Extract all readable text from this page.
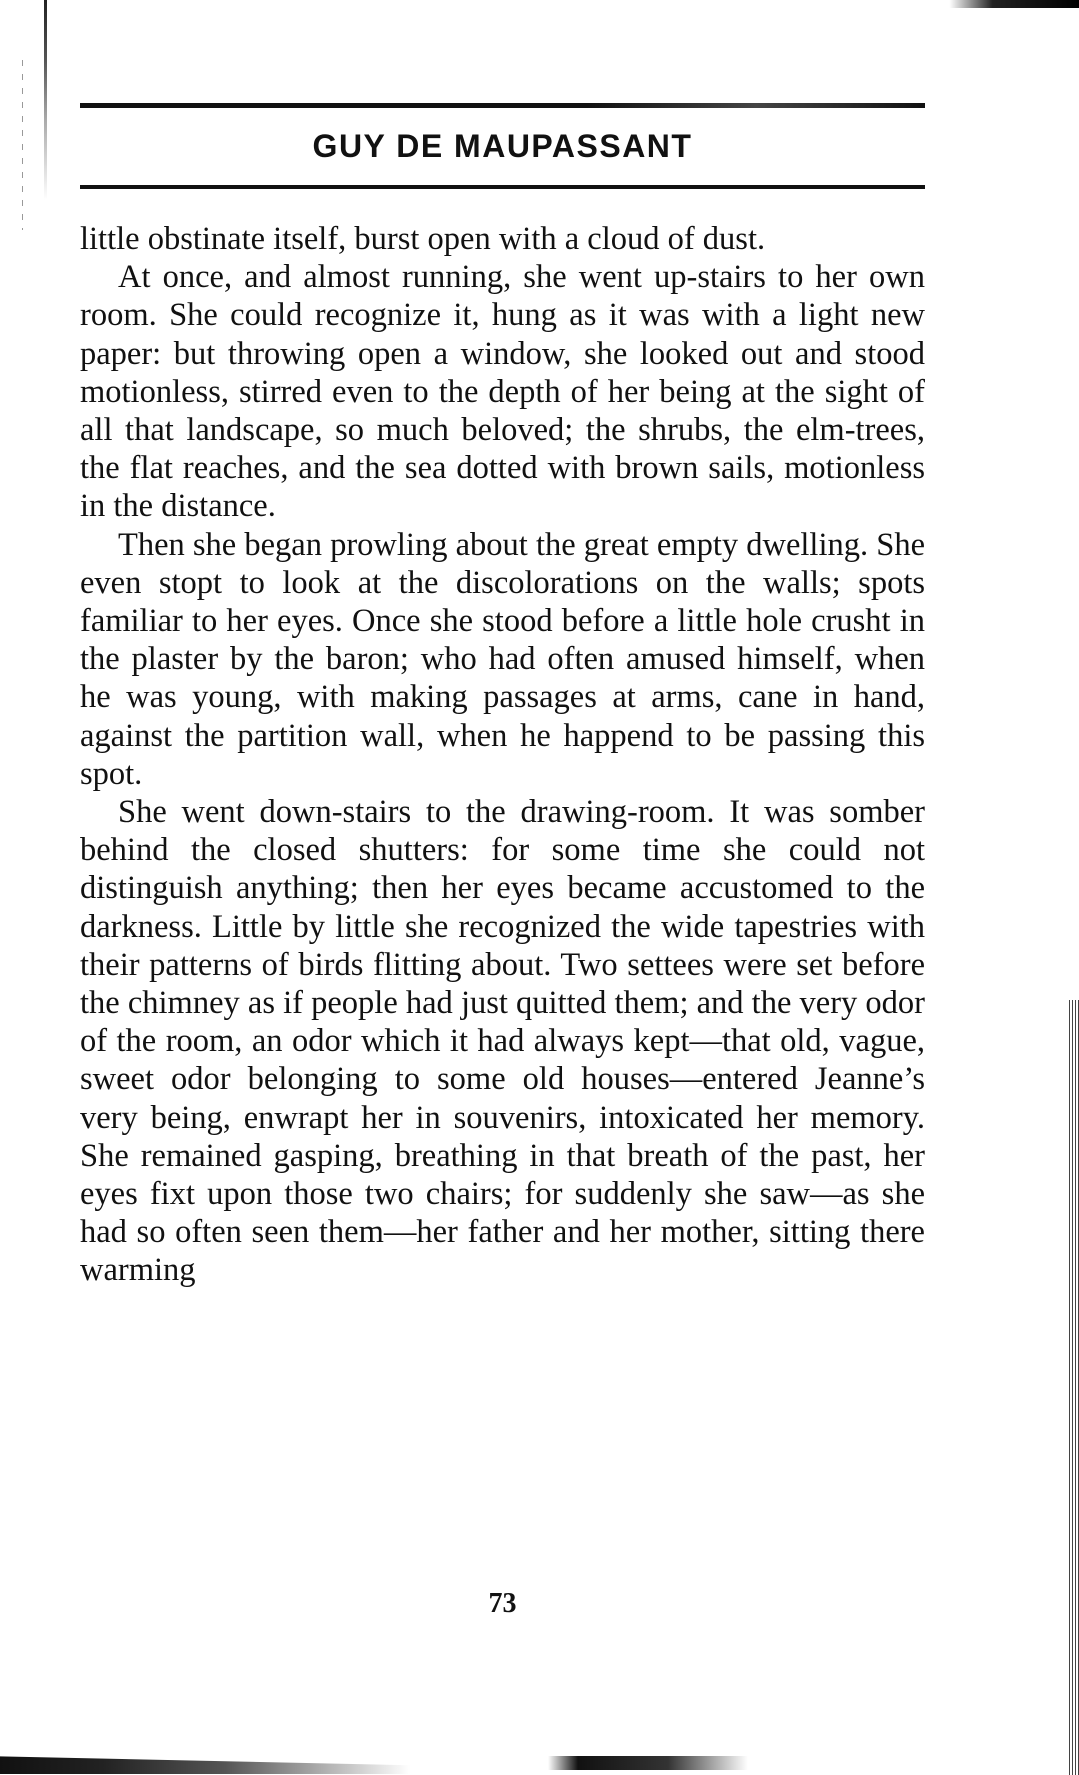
GUY DE MAUPASSANT

little obstinate itself, burst open with a cloud of dust.

At once, and almost running, she went up-stairs to her own room. She could recognize it, hung as it was with a light new paper: but throwing open a window, she looked out and stood motionless, stirred even to the depth of her being at the sight of all that landscape, so much beloved; the shrubs, the elm-trees, the flat reaches, and the sea dotted with brown sails, motionless in the distance.

Then she began prowling about the great empty dwelling. She even stopt to look at the discolorations on the walls; spots familiar to her eyes. Once she stood before a little hole crusht in the plaster by the baron; who had often amused himself, when he was young, with making passages at arms, cane in hand, against the partition wall, when he happend to be passing this spot.

She went down-stairs to the drawing-room. It was somber behind the closed shutters: for some time she could not distinguish anything; then her eyes became accustomed to the darkness. Little by little she recognized the wide tapestries with their patterns of birds flitting about. Two settees were set before the chimney as if people had just quitted them; and the very odor of the room, an odor which it had always kept—that old, vague, sweet odor belonging to some old houses—entered Jeanne’s very being, enwrapt her in souvenirs, intoxicated her memory. She remained gasping, breathing in that breath of the past, her eyes fixt upon those two chairs; for suddenly she saw—as she had so often seen them—her father and her mother, sitting there warming

73
